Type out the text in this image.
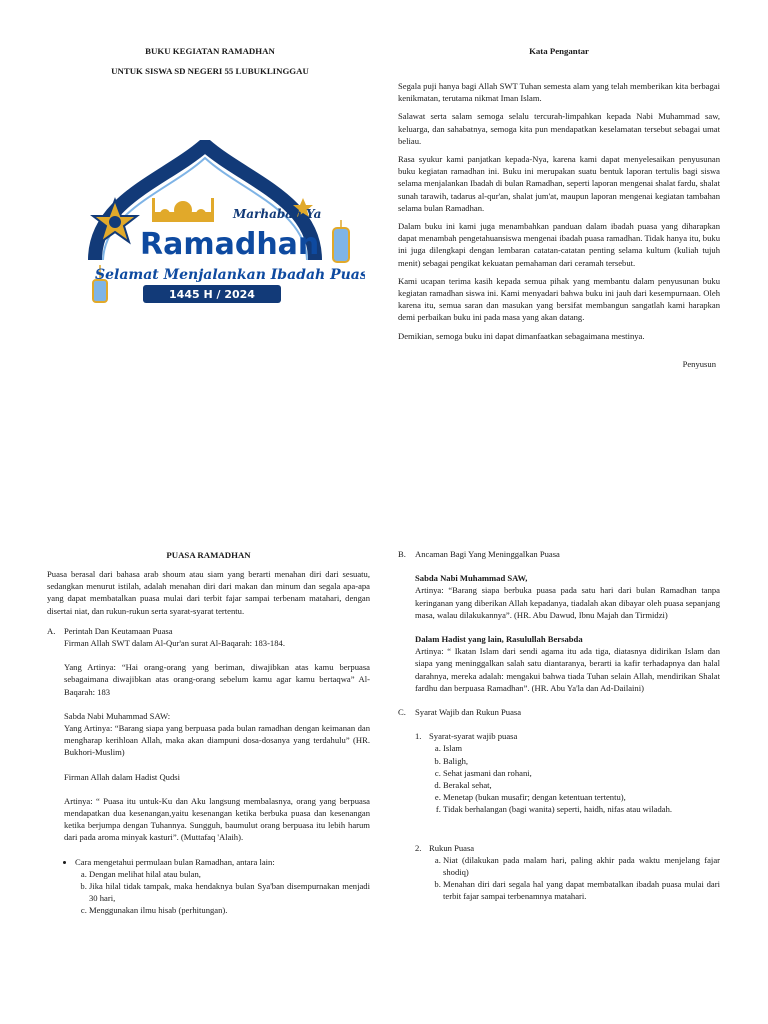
BUKU KEGIATAN RAMADHAN

UNTUK SISWA SD NEGERI 55 LUBUKLINGGAU

Marhaban Ya
Ramadhan
Selamat Menjalankan Ibadah Puasa
1445 H / 2024

Kata Pengantar

Segala puji hanya bagi Allah SWT Tuhan semesta alam yang telah memberikan kita berbagai kenikmatan, terutama nikmat Iman Islam.

Salawat serta salam semoga selalu tercurah-limpahkan kepada Nabi Muhammad saw, keluarga, dan sahabatnya, semoga kita pun mendapatkan keselamatan tersebut sebagai umat beliau.

Rasa syukur kami panjatkan kepada-Nya, karena kami dapat menyelesaikan penyusunan buku kegiatan ramadhan ini. Buku ini merupakan suatu bentuk laporan tertulis bagi siswa selama menjalankan Ibadah di bulan Ramadhan, seperti laporan mengenai shalat fardu, shalat sunah tarawih, tadarus al-qur'an, shalat jum'at, maupun laporan mengenai kegiatan tambahan selama bulan Ramadhan.

Dalam buku ini kami juga menambahkan panduan dalam ibadah puasa yang diharapkan dapat menambah pengetahuansiswa mengenai ibadah puasa ramadhan. Tidak hanya itu, buku ini juga dilengkapi dengan lembaran catatan-catatan penting selama kultum (kuliah tujuh menit) sebagai pengikat kekuatan pemahaman dari ceramah tersebut.

Kami ucapan terima kasih kepada semua pihak yang membantu dalam penyusunan buku kegiatan ramadhan siswa ini. Kami menyadari bahwa buku ini jauh dari kesempurnaan. Oleh karena itu, semua saran dan masukan yang bersifat membangun sangatlah kami harapkan demi perbaikan buku ini pada masa yang akan datang.

Demikian, semoga buku ini dapat dimanfaatkan sebagaimana mestinya.

Penyusun

PUASA RAMADHAN

Puasa berasal dari bahasa arab shoum atau siam yang berarti menahan diri dari sesuatu, sedangkan menurut istilah, adalah menahan diri dari makan dan minum dan segala apa-apa yang dapat membatalkan puasa mulai dari terbit fajar sampai terbenam matahari, dengan disertai niat, dan rukun-rukun serta syarat-syarat tertentu.

A.	Perintah Dan Keutamaan Puasa

Firman Allah SWT dalam Al-Qur'an surat Al-Baqarah: 183-184.

Yang Artinya: “Hai orang-orang yang beriman, diwajibkan atas kamu berpuasa sebagaimana diwajibkan atas orang-orang sebelum kamu agar kamu bertaqwa” Al-Baqarah: 183

Sabda Nabi Muhammad SAW:

Yang Artinya: “Barang siapa yang berpuasa pada bulan ramadhan dengan keimanan dan mengharap kerihloan Allah, maka akan diampuni dosa-dosanya yang terdahulu” (HR. Bukhori-Muslim)

Firman Allah dalam Hadist Qudsi

Artinya: “ Puasa itu untuk-Ku dan Aku langsung membalasnya, orang yang berpuasa mendapatkan dua kesenangan,yaitu kesenangan ketika berbuka puasa dan kesenangan ketika berjumpa dengan Tuhannya. Sungguh, baumulut orang berpuasa itu lebih harum dari pada aroma minyak kasturi”. (Muttafaq 'Alaih).

• Cara mengetahui permulaan bulan Ramadhan, antara lain:
a. Dengan melihat hilal atau bulan,
b. Jika hilal tidak tampak, maka hendaknya bulan Sya'ban disempurnakan menjadi 30 hari,
c. Menggunakan ilmu hisab (perhitungan).
B.	Ancaman Bagi Yang Meninggalkan Puasa

Sabda Nabi Muhammad SAW,

Artinya: “Barang siapa berbuka puasa pada satu hari dari bulan Ramadhan tanpa keringanan yang diberikan Allah kepadanya, tiadalah akan dibayar oleh puasa sepanjang masa, walau dilakukannya”. (HR. Abu Dawud, Ibnu Majah dan Tirmidzi)

Dalam Hadist yang lain, Rasulullah Bersabda

Artinya: “ Ikatan Islam dari sendi agama itu ada tiga, diatasnya didirikan Islam dan siapa yang meninggalkan salah satu diantaranya, berarti ia kafir terhadapnya dan halal darahnya, mereka adalah: mengakui bahwa tiada Tuhan selain Allah, mendirikan Shalat fardhu dan berpuasa Ramadhan”. (HR. Abu Ya'la dan Ad-Dailaini)

C.	Syarat Wajib dan Rukun Puasa
1. Syarat-syarat wajib puasa
a. Islam
b. Baligh,
c. Sehat jasmani dan rohani,
d. Berakal sehat,
e. Menetap (bukan musafir; dengan ketentuan tertentu),
f. Tidak berhalangan (bagi wanita) seperti, haidh, nifas atau wiladah.
2. Rukun Puasa
a. Niat (dilakukan pada malam hari, paling akhir pada waktu menjelang fajar shodiq)
b. Menahan diri dari segala hal yang dapat membatalkan ibadah puasa mulai dari terbit fajar sampai terbenamnya matahari.
